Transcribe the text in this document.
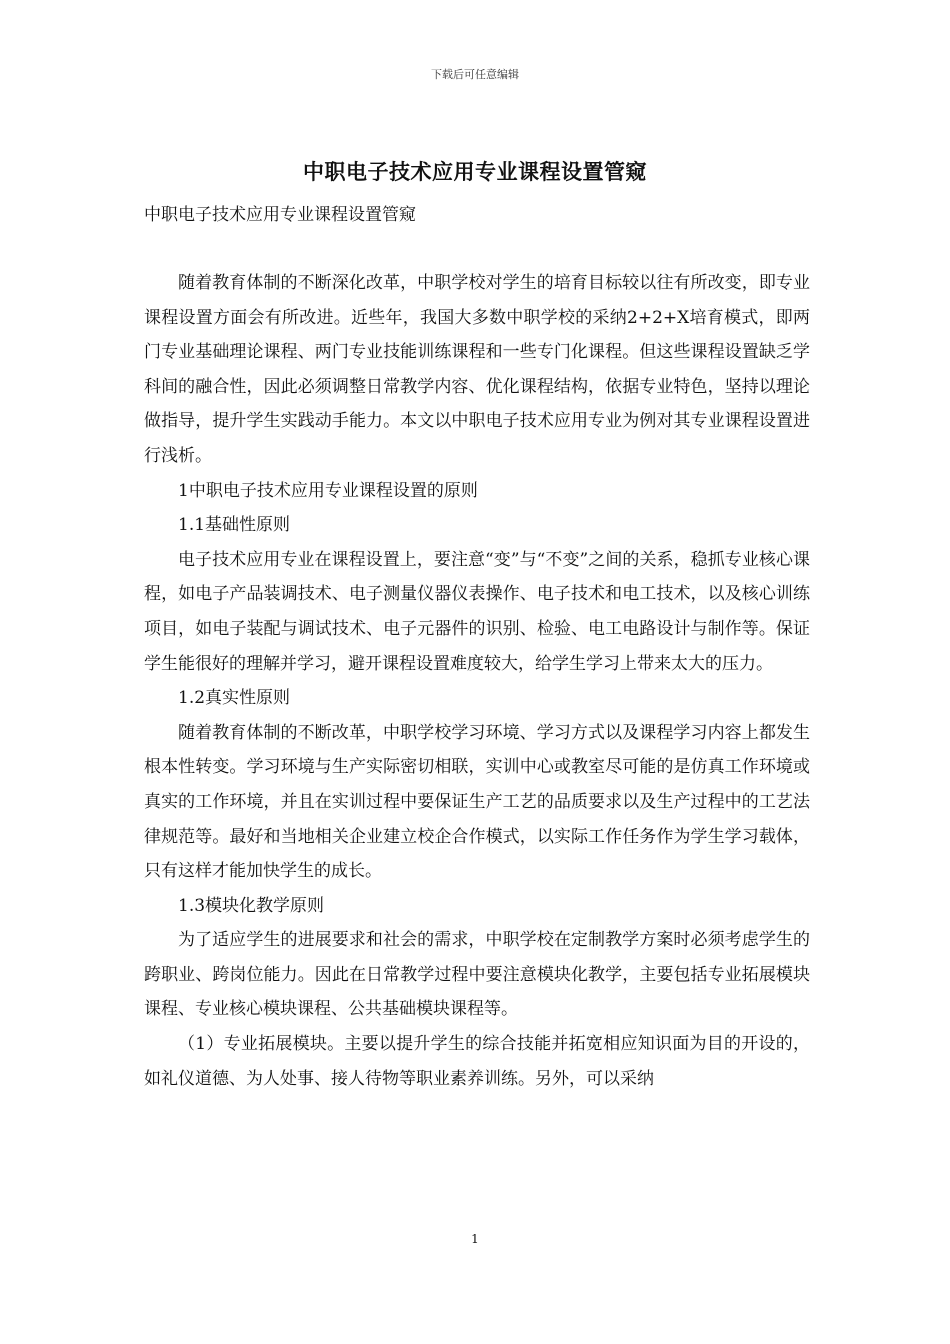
下载后可任意编辑
中职电子技术应用专业课程设置管窥
中职电子技术应用专业课程设置管窥

随着教育体制的不断深化改革，中职学校对学生的培育目标较以往有所改变，即专业课程设置方面会有所改进。近些年，我国大多数中职学校的采纳2+2+X培育模式，即两门专业基础理论课程、两门专业技能训练课程和一些专门化课程。但这些课程设置缺乏学科间的融合性，因此必须调整日常教学内容、优化课程结构，依据专业特色，坚持以理论做指导，提升学生实践动手能力。本文以中职电子技术应用专业为例对其专业课程设置进行浅析。

1中职电子技术应用专业课程设置的原则

1.1基础性原则

电子技术应用专业在课程设置上，要注意“变”与“不变”之间的关系，稳抓专业核心课程，如电子产品装调技术、电子测量仪器仪表操作、电子技术和电工技术，以及核心训练项目，如电子装配与调试技术、电子元器件的识别、检验、电工电路设计与制作等。保证学生能很好的理解并学习，避开课程设置难度较大，给学生学习上带来太大的压力。

1.2真实性原则

随着教育体制的不断改革，中职学校学习环境、学习方式以及课程学习内容上都发生根本性转变。学习环境与生产实际密切相联，实训中心或教室尽可能的是仿真工作环境或真实的工作环境，并且在实训过程中要保证生产工艺的品质要求以及生产过程中的工艺法律规范等。最好和当地相关企业建立校企合作模式，以实际工作任务作为学生学习载体，只有这样才能加快学生的成长。

1.3模块化教学原则

为了适应学生的进展要求和社会的需求，中职学校在定制教学方案时必须考虑学生的跨职业、跨岗位能力。因此在日常教学过程中要注意模块化教学，主要包括专业拓展模块课程、专业核心模块课程、公共基础模块课程等。

（1）专业拓展模块。主要以提升学生的综合技能并拓宽相应知识面为目的开设的，如礼仪道德、为人处事、接人待物等职业素养训练。另外，可以采纳

1
